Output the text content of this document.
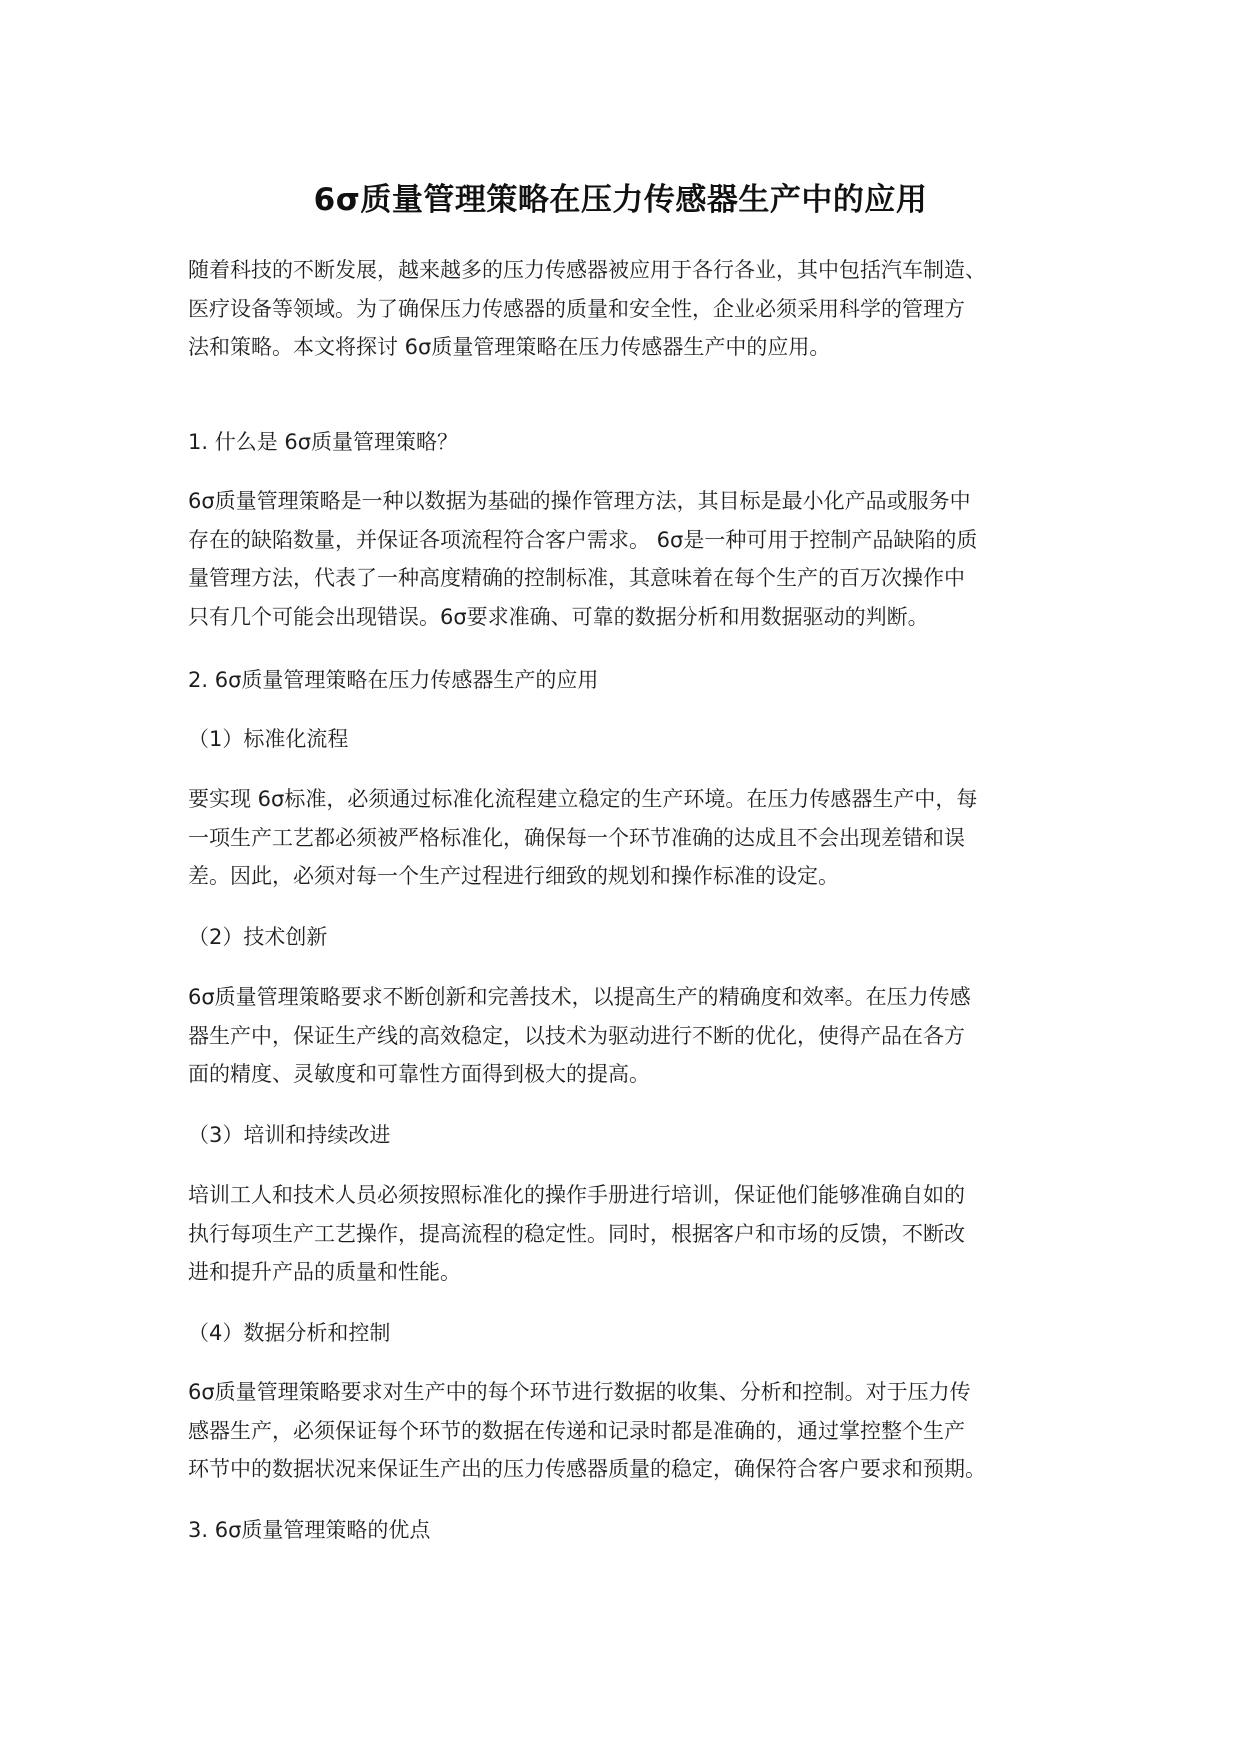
6σ质量管理策略在压力传感器生产中的应用
随着科技的不断发展，越来越多的压力传感器被应用于各行各业，其中包括汽车制造、
医疗设备等领域。为了确保压力传感器的质量和安全性，企业必须采用科学的管理方
法和策略。本文将探讨 6σ质量管理策略在压力传感器生产中的应用。
1. 什么是 6σ质量管理策略？
6σ质量管理策略是一种以数据为基础的操作管理方法，其目标是最小化产品或服务中
存在的缺陷数量，并保证各项流程符合客户需求。 6σ是一种可用于控制产品缺陷的质
量管理方法，代表了一种高度精确的控制标准，其意味着在每个生产的百万次操作中
只有几个可能会出现错误。6σ要求准确、可靠的数据分析和用数据驱动的判断。
2. 6σ质量管理策略在压力传感器生产的应用
（1）标准化流程
要实现 6σ标准，必须通过标准化流程建立稳定的生产环境。在压力传感器生产中，每
一项生产工艺都必须被严格标准化，确保每一个环节准确的达成且不会出现差错和误
差。因此，必须对每一个生产过程进行细致的规划和操作标准的设定。
（2）技术创新
6σ质量管理策略要求不断创新和完善技术，以提高生产的精确度和效率。在压力传感
器生产中，保证生产线的高效稳定，以技术为驱动进行不断的优化，使得产品在各方
面的精度、灵敏度和可靠性方面得到极大的提高。
（3）培训和持续改进
培训工人和技术人员必须按照标准化的操作手册进行培训，保证他们能够准确自如的
执行每项生产工艺操作，提高流程的稳定性。同时，根据客户和市场的反馈，不断改
进和提升产品的质量和性能。
（4）数据分析和控制
6σ质量管理策略要求对生产中的每个环节进行数据的收集、分析和控制。对于压力传
感器生产，必须保证每个环节的数据在传递和记录时都是准确的，通过掌控整个生产
环节中的数据状况来保证生产出的压力传感器质量的稳定，确保符合客户要求和预期。
3. 6σ质量管理策略的优点
